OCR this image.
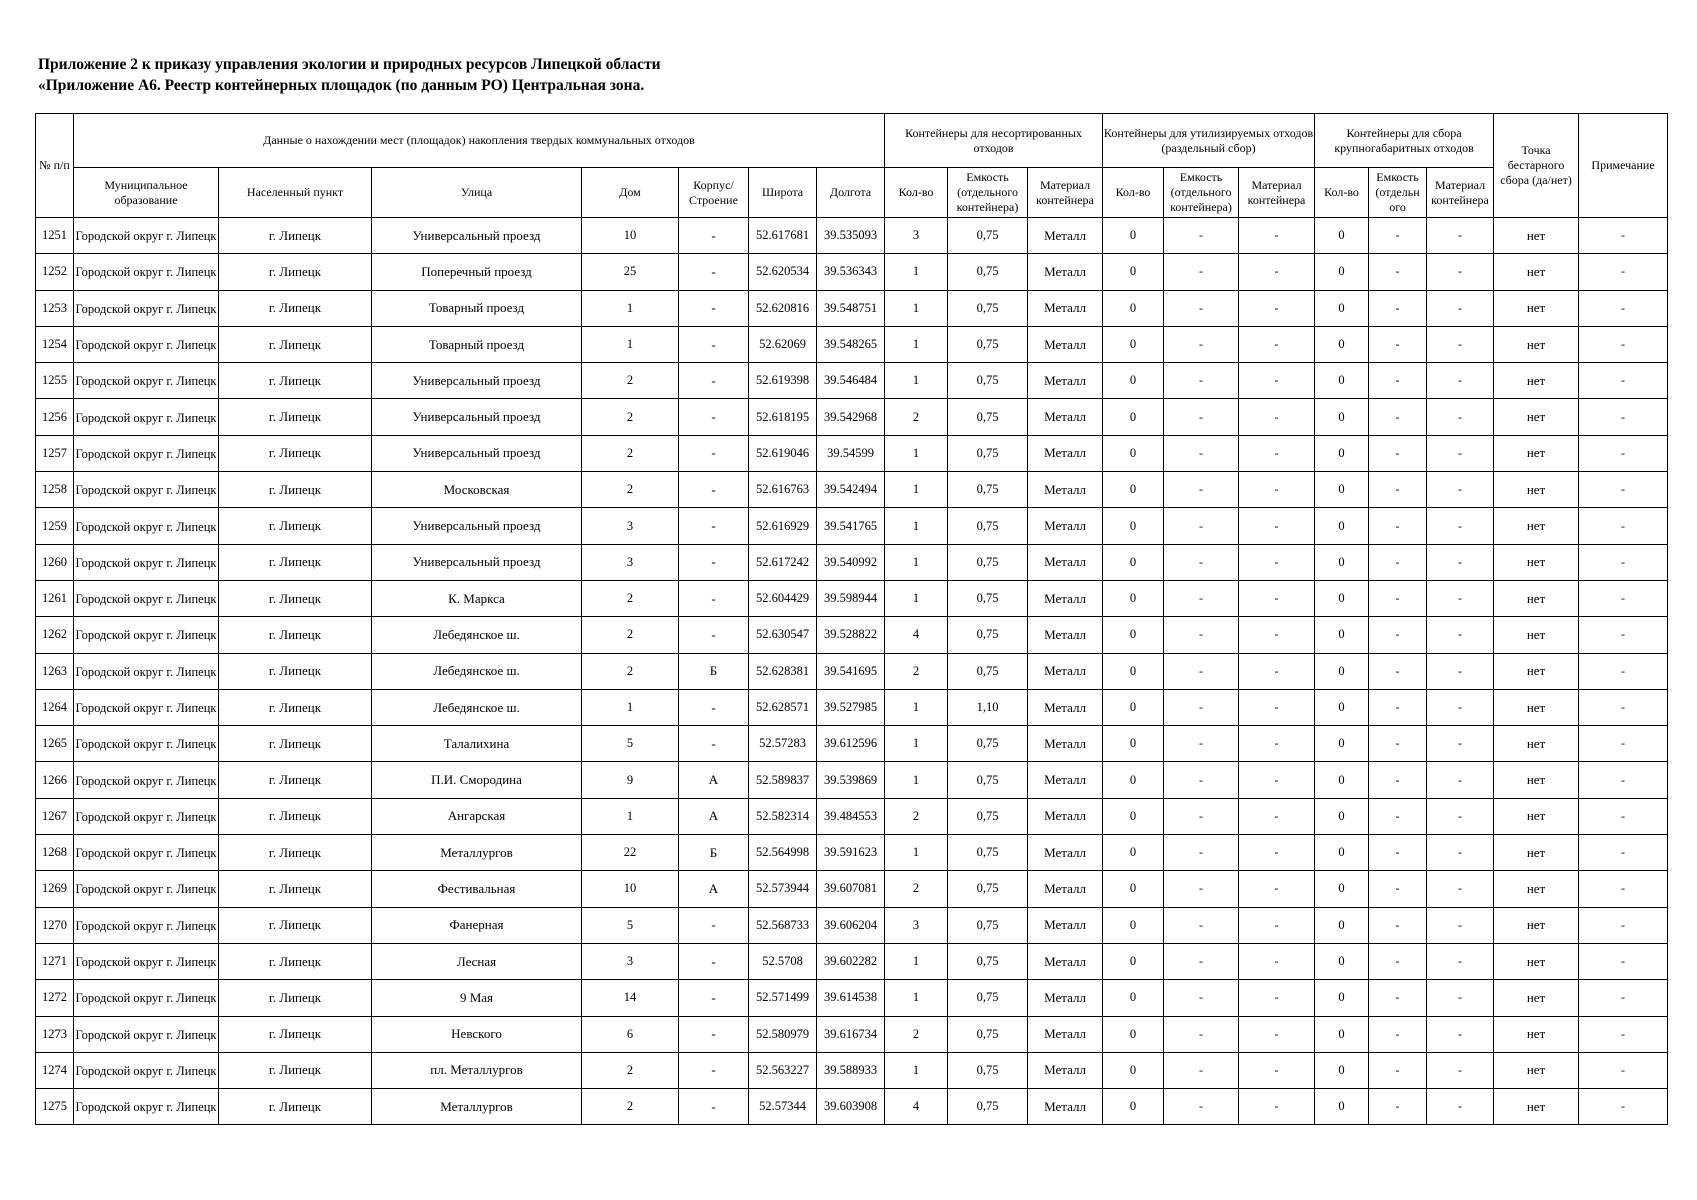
Приложение 2 к приказу управления экологии и природных ресурсов Липецкой области
«Приложение А6. Реестр контейнерных площадок (по данным РО) Центральная зона.
№ п/п	Данные о нахождении мест (площадок) накопления твердых коммунальных отходов							Контейнеры для несортированных отходов			Контейнеры для утилизируемых отходов (раздельный сбор)			Контейнеры для сбора крупногабаритных отходов			Точка бестарного сбора (да/нет)	Примечание
	Муниципальное образование	Населенный пункт	Улица	Дом	Корпус/ Строение	Широта	Долгота	Кол-во	Емкость (отдельного контейнера)	Материал контейнера	Кол-во	Емкость (отдельного контейнера)	Материал контейнера	Кол-во	Емкость (отдельн ого	Материал контейнера		
1251	Городской округ г. Липецк	г. Липецк	Универсальный проезд	10	-	52.617681	39.535093	3	0,75	Металл	0	-	-	0	-	-	нет	-
1252	Городской округ г. Липецк	г. Липецк	Поперечный проезд	25	-	52.620534	39.536343	1	0,75	Металл	0	-	-	0	-	-	нет	-
1253	Городской округ г. Липецк	г. Липецк	Товарный проезд	1	-	52.620816	39.548751	1	0,75	Металл	0	-	-	0	-	-	нет	-
1254	Городской округ г. Липецк	г. Липецк	Товарный проезд	1	-	52.62069	39.548265	1	0,75	Металл	0	-	-	0	-	-	нет	-
1255	Городской округ г. Липецк	г. Липецк	Универсальный проезд	2	-	52.619398	39.546484	1	0,75	Металл	0	-	-	0	-	-	нет	-
1256	Городской округ г. Липецк	г. Липецк	Универсальный проезд	2	-	52.618195	39.542968	2	0,75	Металл	0	-	-	0	-	-	нет	-
1257	Городской округ г. Липецк	г. Липецк	Универсальный проезд	2	-	52.619046	39.54599	1	0,75	Металл	0	-	-	0	-	-	нет	-
1258	Городской округ г. Липецк	г. Липецк	Московская	2	-	52.616763	39.542494	1	0,75	Металл	0	-	-	0	-	-	нет	-
1259	Городской округ г. Липецк	г. Липецк	Универсальный проезд	3	-	52.616929	39.541765	1	0,75	Металл	0	-	-	0	-	-	нет	-
1260	Городской округ г. Липецк	г. Липецк	Универсальный проезд	3	-	52.617242	39.540992	1	0,75	Металл	0	-	-	0	-	-	нет	-
1261	Городской округ г. Липецк	г. Липецк	К. Маркса	2	-	52.604429	39.598944	1	0,75	Металл	0	-	-	0	-	-	нет	-
1262	Городской округ г. Липецк	г. Липецк	Лебедянское ш.	2	-	52.630547	39.528822	4	0,75	Металл	0	-	-	0	-	-	нет	-
1263	Городской округ г. Липецк	г. Липецк	Лебедянское ш.	2	Б	52.628381	39.541695	2	0,75	Металл	0	-	-	0	-	-	нет	-
1264	Городской округ г. Липецк	г. Липецк	Лебедянское ш.	1	-	52.628571	39.527985	1	1,10	Металл	0	-	-	0	-	-	нет	-
1265	Городской округ г. Липецк	г. Липецк	Талалихина	5	-	52.57283	39.612596	1	0,75	Металл	0	-	-	0	-	-	нет	-
1266	Городской округ г. Липецк	г. Липецк	П.И. Смородина	9	А	52.589837	39.539869	1	0,75	Металл	0	-	-	0	-	-	нет	-
1267	Городской округ г. Липецк	г. Липецк	Ангарская	1	А	52.582314	39.484553	2	0,75	Металл	0	-	-	0	-	-	нет	-
1268	Городской округ г. Липецк	г. Липецк	Металлургов	22	Б	52.564998	39.591623	1	0,75	Металл	0	-	-	0	-	-	нет	-
1269	Городской округ г. Липецк	г. Липецк	Фестивальная	10	А	52.573944	39.607081	2	0,75	Металл	0	-	-	0	-	-	нет	-
1270	Городской округ г. Липецк	г. Липецк	Фанерная	5	-	52.568733	39.606204	3	0,75	Металл	0	-	-	0	-	-	нет	-
1271	Городской округ г. Липецк	г. Липецк	Лесная	3	-	52.5708	39.602282	1	0,75	Металл	0	-	-	0	-	-	нет	-
1272	Городской округ г. Липецк	г. Липецк	9 Мая	14	-	52.571499	39.614538	1	0,75	Металл	0	-	-	0	-	-	нет	-
1273	Городской округ г. Липецк	г. Липецк	Невского	6	-	52.580979	39.616734	2	0,75	Металл	0	-	-	0	-	-	нет	-
1274	Городской округ г. Липецк	г. Липецк	пл. Металлургов	2	-	52.563227	39.588933	1	0,75	Металл	0	-	-	0	-	-	нет	-
1275	Городской округ г. Липецк	г. Липецк	Металлургов	2	-	52.57344	39.603908	4	0,75	Металл	0	-	-	0	-	-	нет	-
